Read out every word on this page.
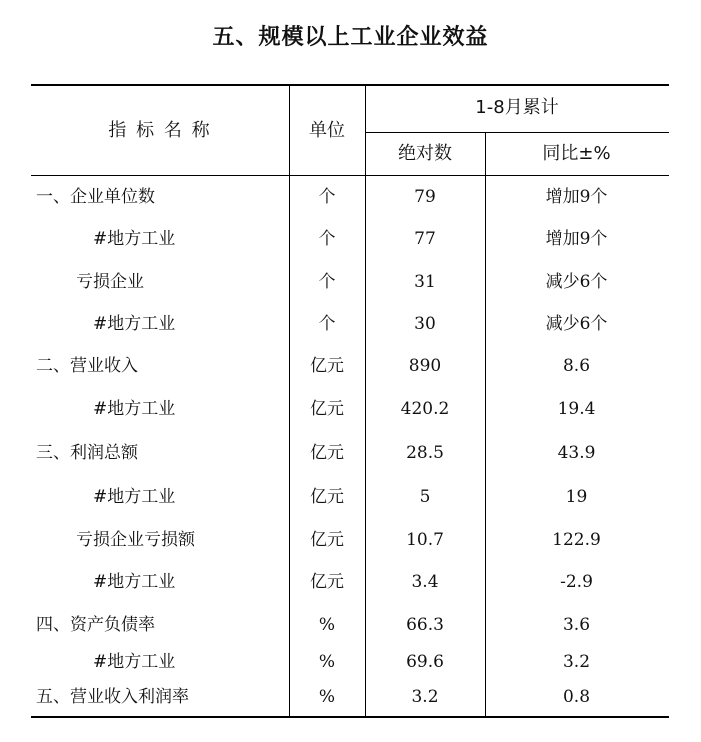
五、规模以上工业企业效益
指 标 名 称	单位
1-8月累计
绝对数	同比±%
一、企业单位数	个	79	增加9个
#地方工业	个	77	增加9个
亏损企业	个	31	减少6个
#地方工业	个	30	减少6个
二、营业收入	亿元	890	8.6
#地方工业	亿元	420.2	19.4
三、利润总额	亿元	28.5	43.9
#地方工业	亿元	5	19
亏损企业亏损额	亿元	10.7	122.9
#地方工业	亿元	3.4	-2.9
四、资产负债率	%	66.3	3.6
#地方工业	%	69.6	3.2
五、营业收入利润率	%	3.2	0.8
